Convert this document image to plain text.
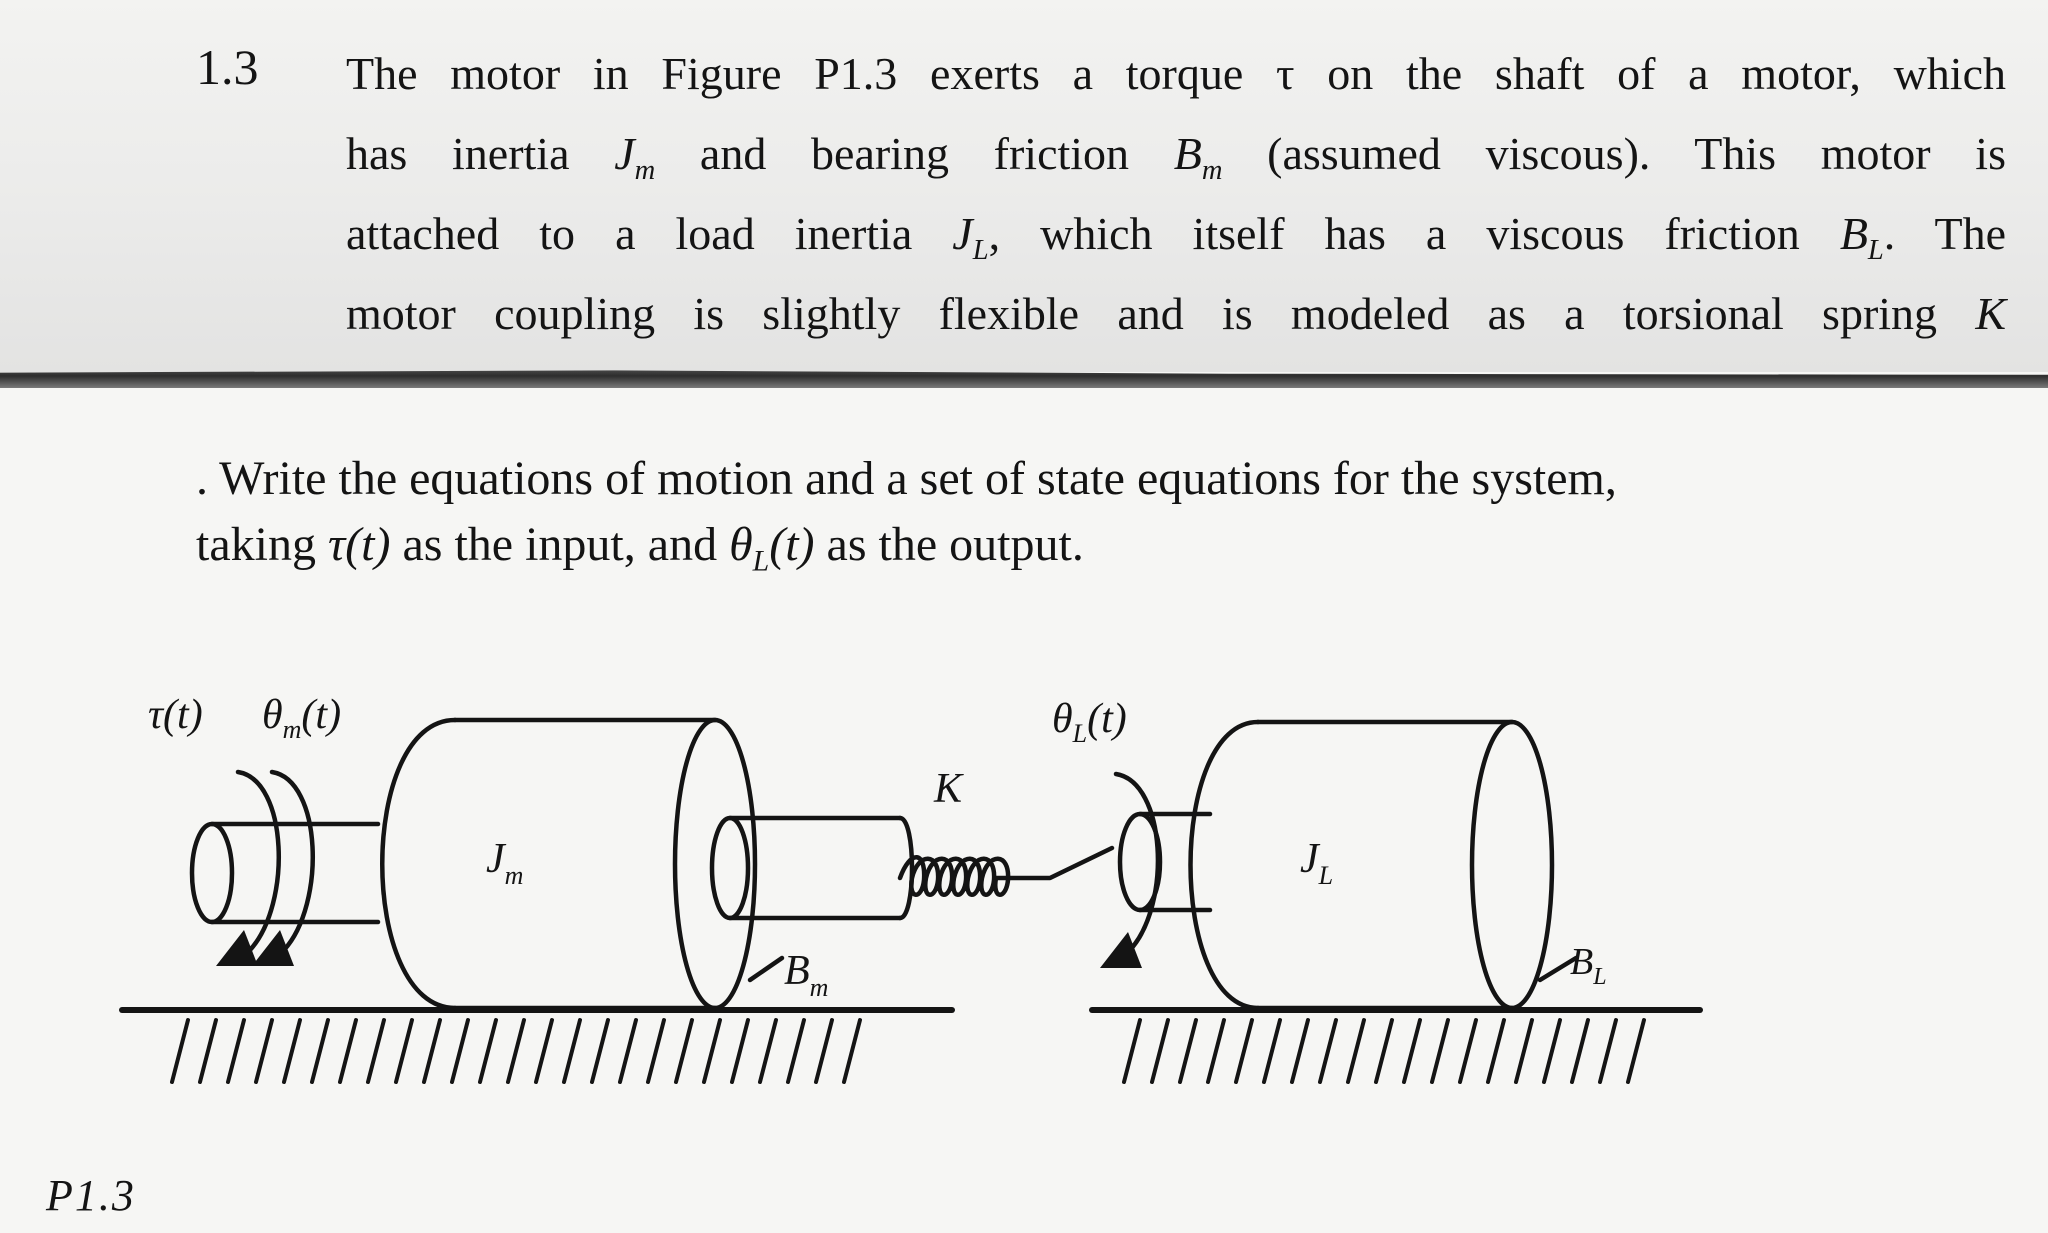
1.3 The motor in Figure P1.3 exerts a torque τ on the shaft of a motor, which
has inertia $J_m$ and bearing friction $B_m$ (assumed viscous). This motor is
attached to a load inertia $J_L$, which itself has a viscous friction $B_L$. The
motor coupling is slightly flexible and is modeled as a torsional spring K
. Write the equations of motion and a set of state equations for the system,
taking τ(t) as the input, and $\theta_L(t)$ as the output.
τ(t) $\theta_m(t)$
$J_m$
$B_m$
K
$\theta_L(t)$
$J_L$
$B_L$
P1.3
